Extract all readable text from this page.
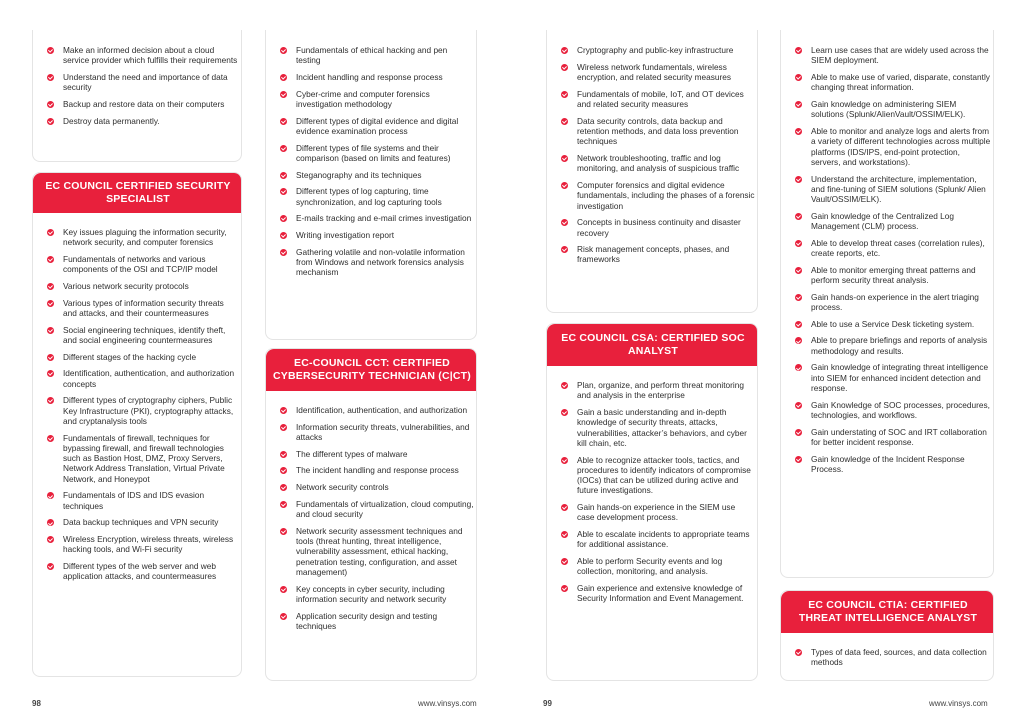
Make an informed decision about a cloud service provider which fulfills their requirements
Understand the need and importance of data security
Backup and restore data on their computers
Destroy data permanently.
EC COUNCIL CERTIFIED SECURITY SPECIALIST
Key issues plaguing the information security, network security, and computer forensics
Fundamentals of networks and various components of the OSI and TCP/IP model
Various network security protocols
Various types of information security threats and attacks, and their countermeasures
Social engineering techniques, identify theft, and social engineering countermeasures
Different stages of the hacking cycle
Identification, authentication, and authorization concepts
Different types of cryptography ciphers, Public Key Infrastructure (PKI), cryptography attacks, and cryptanalysis tools
Fundamentals of firewall, techniques for bypassing firewall, and firewall technologies such as Bastion Host, DMZ, Proxy Servers, Network Address Translation, Virtual Private Network, and Honeypot
Fundamentals of IDS and IDS evasion techniques
Data backup techniques and VPN security
Wireless Encryption, wireless threats, wireless hacking tools, and Wi-Fi security
Different types of the web server and web application attacks, and countermeasures
Fundamentals of ethical hacking and pen testing
Incident handling and response process
Cyber-crime and computer forensics investigation methodology
Different types of digital evidence and digital evidence examination process
Different types of file systems and their comparison (based on limits and features)
Steganography and its techniques
Different types of log capturing, time synchronization, and log capturing tools
E-mails tracking and e-mail crimes investigation
Writing investigation report
Gathering volatile and non-volatile information from Windows and network forensics analysis mechanism
EC-COUNCIL CCT: CERTIFIED CYBERSECURITY TECHNICIAN (C|CT)
Identification, authentication, and authorization
Information security threats, vulnerabilities, and attacks
The different types of malware
The incident handling and response process
Network security controls
Fundamentals of virtualization, cloud computing, and cloud security
Network security assessment techniques and tools (threat hunting, threat intelligence, vulnerability assessment, ethical hacking, penetration testing, configuration, and asset management)
Key concepts in cyber security, including information security and network security
Application security design and testing techniques
Cryptography and public-key infrastructure
Wireless network fundamentals, wireless encryption, and related security measures
Fundamentals of mobile, IoT, and OT devices and related security measures
Data security controls, data backup and retention methods, and data loss prevention techniques
Network troubleshooting, traffic and log monitoring, and analysis of suspicious traffic
Computer forensics and digital evidence fundamentals, including the phases of a forensic investigation
Concepts in business continuity and disaster recovery
Risk management concepts, phases, and frameworks
EC COUNCIL CSA: CERTIFIED SOC ANALYST
Plan, organize, and perform threat monitoring and analysis in the enterprise
Gain a basic understanding and in-depth knowledge of security threats, attacks, vulnerabilities, attacker’s behaviors, and cyber kill chain, etc.
Able to recognize attacker tools, tactics, and procedures to identify indicators of compromise (IOCs) that can be utilized during active and future investigations.
Gain hands-on experience in the SIEM use case development process.
Able to escalate incidents to appropriate teams for additional assistance.
Able to perform Security events and log collection, monitoring, and analysis.
Gain experience and extensive knowledge of Security Information and Event Management.
Learn use cases that are widely used across the SIEM deployment.
Able to make use of varied, disparate, constantly changing threat information.
Gain knowledge on administering SIEM solutions (Splunk/AlienVault/OSSIM/ELK).
Able to monitor and analyze logs and alerts from a variety of different technologies across multiple platforms (IDS/IPS, end-point protection, servers, and workstations).
Understand the architecture, implementation, and fine-tuning of SIEM solutions (Splunk/ Alien Vault/OSSIM/ELK).
Gain knowledge of the Centralized Log Management (CLM) process.
Able to develop threat cases (correlation rules), create reports, etc.
Able to monitor emerging threat patterns and perform security threat analysis.
Gain hands-on experience in the alert triaging process.
Able to use a Service Desk ticketing system.
Able to prepare briefings and reports of analysis methodology and results.
Gain knowledge of integrating threat intelligence into SIEM for enhanced incident detection and response.
Gain Knowledge of SOC processes, procedures, technologies, and workflows.
Gain understating of SOC and IRT collaboration for better incident response.
Gain knowledge of the Incident Response Process.
EC COUNCIL CTIA: CERTIFIED THREAT INTELLIGENCE ANALYST
Types of data feed, sources, and data collection methods
98	www.vinsys.com	99	www.vinsys.com
